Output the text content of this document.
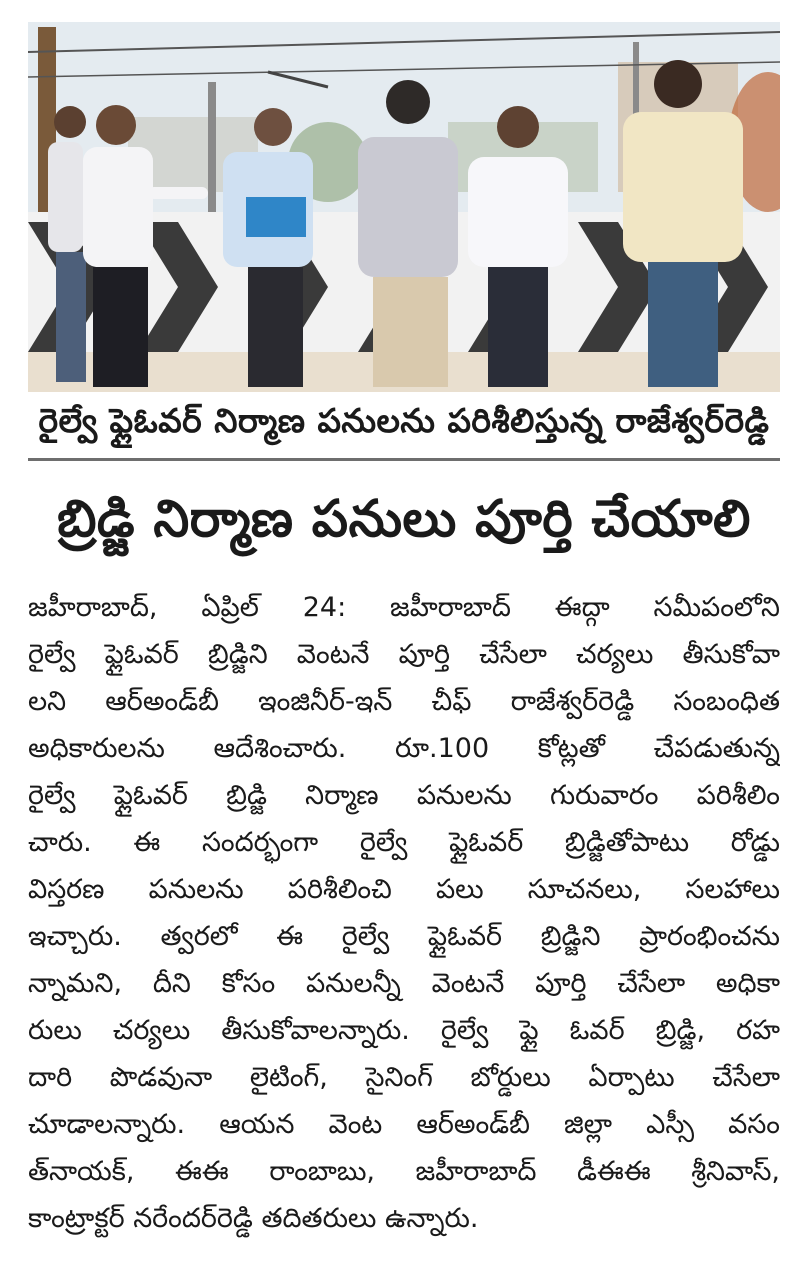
రైల్వే ఫ్లైఓవర్ నిర్మాణ పనులను పరిశీలిస్తున్న రాజేశ్వర్‌రెడ్డి
బ్రిడ్జి నిర్మాణ పనులు పూర్తి చేయాలి
జహీరాబాద్, ఏప్రిల్ 24: జహీరాబాద్ ఈద్గా సమీపంలోని
రైల్వే ఫ్లైఓవర్ బ్రిడ్జిని వెంటనే పూర్తి చేసేలా చర్యలు తీసుకోవా
లని ఆర్అండ్‌బీ ఇంజినీర్-ఇన్ చీఫ్ రాజేశ్వర్‌రెడ్డి సంబంధిత
అధికారులను ఆదేశించారు. రూ.100 కోట్లతో చేపడుతున్న
రైల్వే ఫ్లైఓవర్ బ్రిడ్జి నిర్మాణ పనులను గురువారం పరిశీలిం
చారు. ఈ సందర్భంగా రైల్వే ఫ్లైఓవర్ బ్రిడ్జితోపాటు రోడ్డు
విస్తరణ పనులను పరిశీలించి పలు సూచనలు, సలహాలు
ఇచ్చారు. త్వరలో ఈ రైల్వే ఫ్లైఓవర్ బ్రిడ్జిని ప్రారంభించను
న్నామని, దీని కోసం పనులన్నీ వెంటనే పూర్తి చేసేలా అధికా
రులు చర్యలు తీసుకోవాలన్నారు. రైల్వే ఫ్లై ఓవర్ బ్రిడ్జి, రహ
దారి పొడవునా లైటింగ్, సైనింగ్ బోర్డులు ఏర్పాటు చేసేలా
చూడాలన్నారు. ఆయన వెంట ఆర్అండ్‌బీ జిల్లా ఎస్సీ వసం
త్‌నాయక్, ఈఈ రాంబాబు, జహీరాబాద్ డీఈఈ శ్రీనివాస్,
కాంట్రాక్టర్ నరేందర్‌రెడ్డి తదితరులు ఉన్నారు.
